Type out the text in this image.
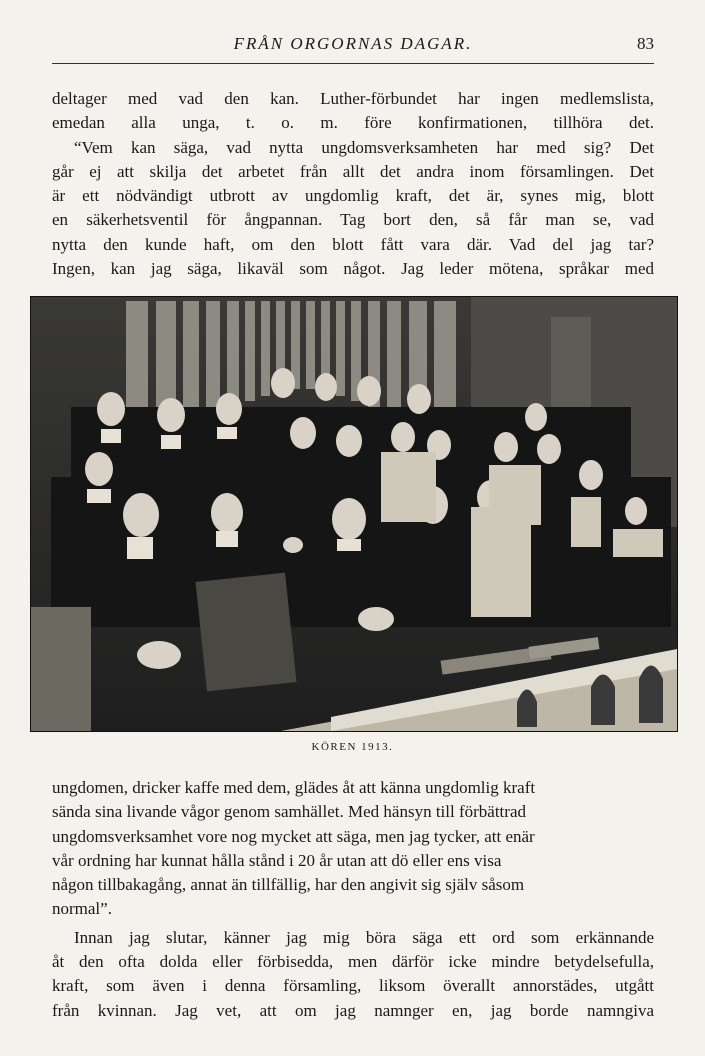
FRÅN ORGORNAS DAGAR.	83

deltager med vad den kan. Luther-förbundet har ingen medlemslista,
emedan alla unga, t. o. m. före konfirmationen, tillhöra det.

“Vem kan säga, vad nytta ungdomsverksamheten har med sig? Det
går ej att skilja det arbetet från allt det andra inom församlingen. Det
är ett nödvändigt utbrott av ungdomlig kraft, det är, synes mig, blott
en säkerhetsventil för ångpannan. Tag bort den, så får man se, vad
nytta den kunde haft, om den blott fått vara där. Vad del jag tar?
Ingen, kan jag säga, likaväl som något. Jag leder mötena, språkar med

KÖREN 1913.

ungdomen, dricker kaffe med dem, glädes åt att känna ungdomlig kraft
sända sina livande vågor genom samhället. Med hänsyn till förbättrad
ungdomsverksamhet vore nog mycket att säga, men jag tycker, att enär
vår ordning har kunnat hålla stånd i 20 år utan att dö eller ens visa
någon tillbakagång, annat än tillfällig, har den angivit sig själv såsom
normal”.

Innan jag slutar, känner jag mig böra säga ett ord som erkännande
åt den ofta dolda eller förbisedda, men därför icke mindre betydelsefulla,
kraft, som även i denna församling, liksom överallt annorstädes, utgått
från kvinnan. Jag vet, att om jag namnger en, jag borde namngiva
